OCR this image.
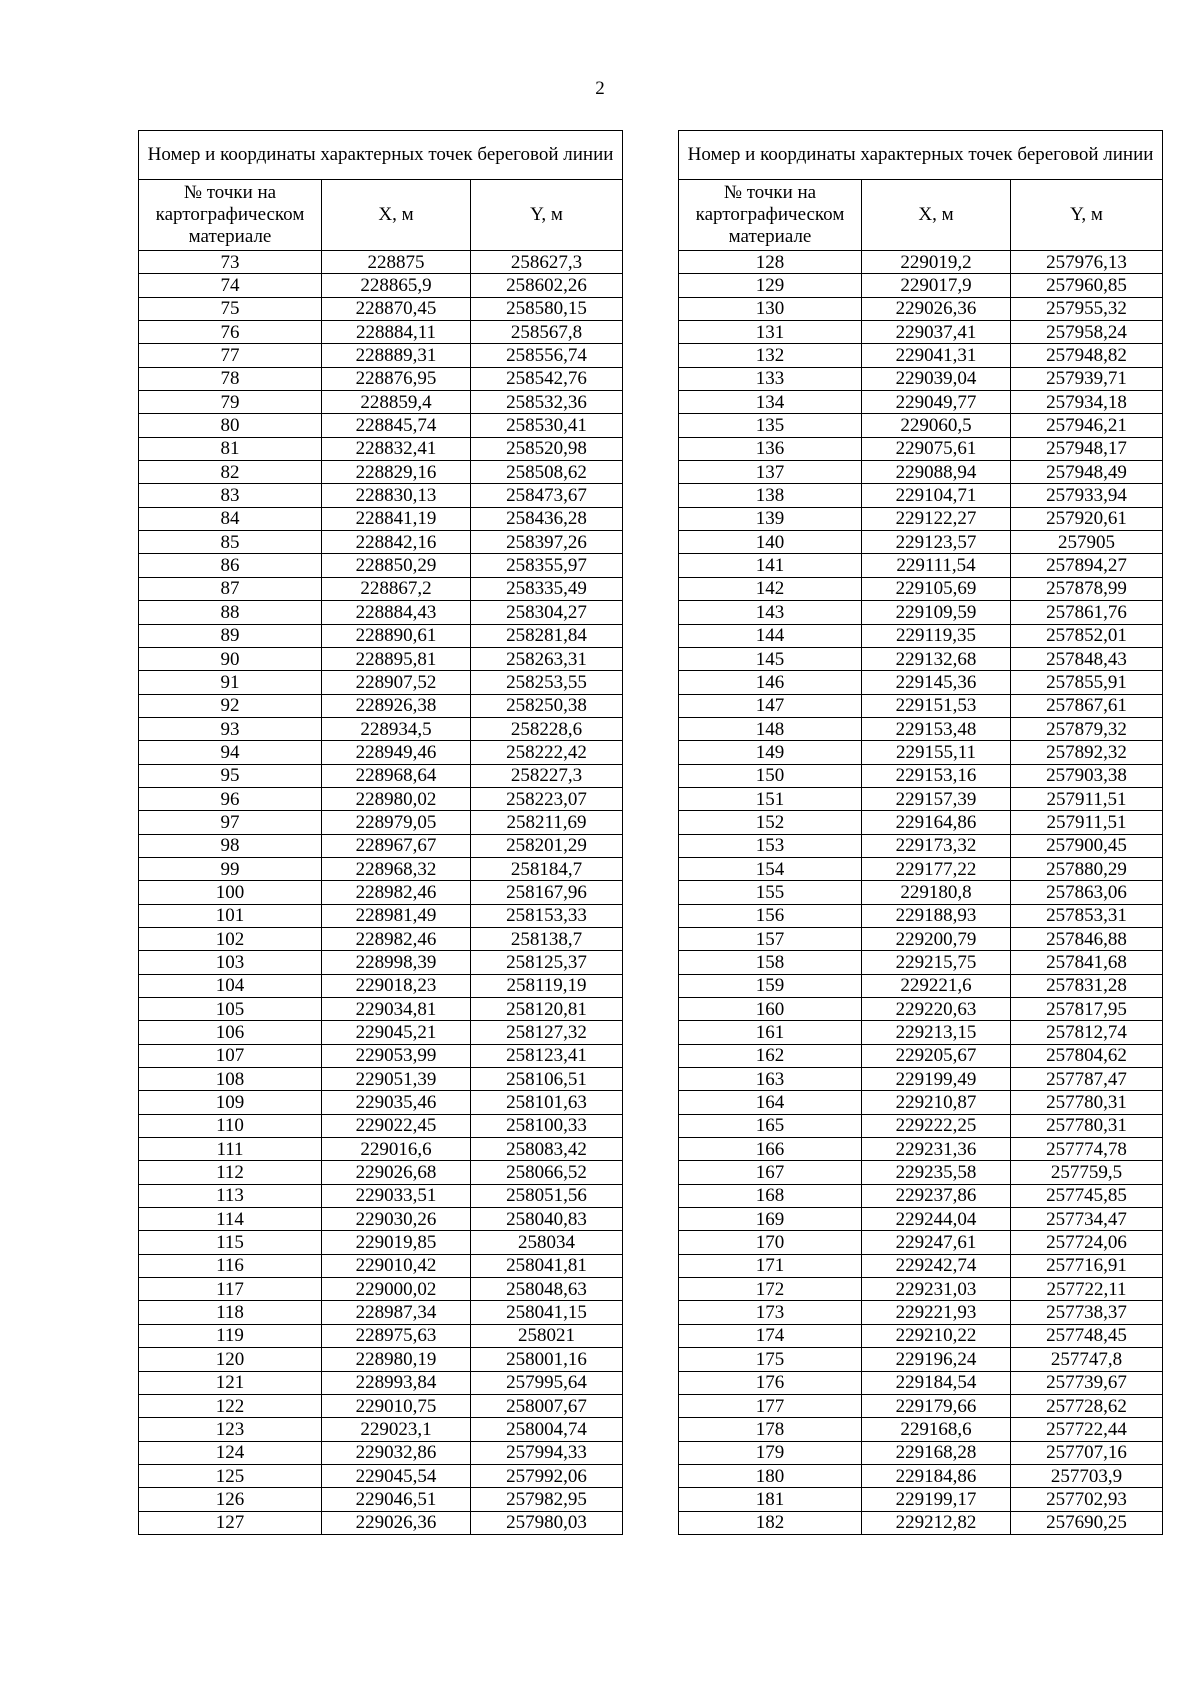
2
Номер и координаты характерных точек береговой линии		
№ точки на картографическом материале	X, м	Y, м
73	228875	258627,3
74	228865,9	258602,26
75	228870,45	258580,15
76	228884,11	258567,8
77	228889,31	258556,74
78	228876,95	258542,76
79	228859,4	258532,36
80	228845,74	258530,41
81	228832,41	258520,98
82	228829,16	258508,62
83	228830,13	258473,67
84	228841,19	258436,28
85	228842,16	258397,26
86	228850,29	258355,97
87	228867,2	258335,49
88	228884,43	258304,27
89	228890,61	258281,84
90	228895,81	258263,31
91	228907,52	258253,55
92	228926,38	258250,38
93	228934,5	258228,6
94	228949,46	258222,42
95	228968,64	258227,3
96	228980,02	258223,07
97	228979,05	258211,69
98	228967,67	258201,29
99	228968,32	258184,7
100	228982,46	258167,96
101	228981,49	258153,33
102	228982,46	258138,7
103	228998,39	258125,37
104	229018,23	258119,19
105	229034,81	258120,81
106	229045,21	258127,32
107	229053,99	258123,41
108	229051,39	258106,51
109	229035,46	258101,63
110	229022,45	258100,33
111	229016,6	258083,42
112	229026,68	258066,52
113	229033,51	258051,56
114	229030,26	258040,83
115	229019,85	258034
116	229010,42	258041,81
117	229000,02	258048,63
118	228987,34	258041,15
119	228975,63	258021
120	228980,19	258001,16
121	228993,84	257995,64
122	229010,75	258007,67
123	229023,1	258004,74
124	229032,86	257994,33
125	229045,54	257992,06
126	229046,51	257982,95
127	229026,36	257980,03
Номер и координаты характерных точек береговой линии		
№ точки на картографическом материале	X, м	Y, м
128	229019,2	257976,13
129	229017,9	257960,85
130	229026,36	257955,32
131	229037,41	257958,24
132	229041,31	257948,82
133	229039,04	257939,71
134	229049,77	257934,18
135	229060,5	257946,21
136	229075,61	257948,17
137	229088,94	257948,49
138	229104,71	257933,94
139	229122,27	257920,61
140	229123,57	257905
141	229111,54	257894,27
142	229105,69	257878,99
143	229109,59	257861,76
144	229119,35	257852,01
145	229132,68	257848,43
146	229145,36	257855,91
147	229151,53	257867,61
148	229153,48	257879,32
149	229155,11	257892,32
150	229153,16	257903,38
151	229157,39	257911,51
152	229164,86	257911,51
153	229173,32	257900,45
154	229177,22	257880,29
155	229180,8	257863,06
156	229188,93	257853,31
157	229200,79	257846,88
158	229215,75	257841,68
159	229221,6	257831,28
160	229220,63	257817,95
161	229213,15	257812,74
162	229205,67	257804,62
163	229199,49	257787,47
164	229210,87	257780,31
165	229222,25	257780,31
166	229231,36	257774,78
167	229235,58	257759,5
168	229237,86	257745,85
169	229244,04	257734,47
170	229247,61	257724,06
171	229242,74	257716,91
172	229231,03	257722,11
173	229221,93	257738,37
174	229210,22	257748,45
175	229196,24	257747,8
176	229184,54	257739,67
177	229179,66	257728,62
178	229168,6	257722,44
179	229168,28	257707,16
180	229184,86	257703,9
181	229199,17	257702,93
182	229212,82	257690,25
